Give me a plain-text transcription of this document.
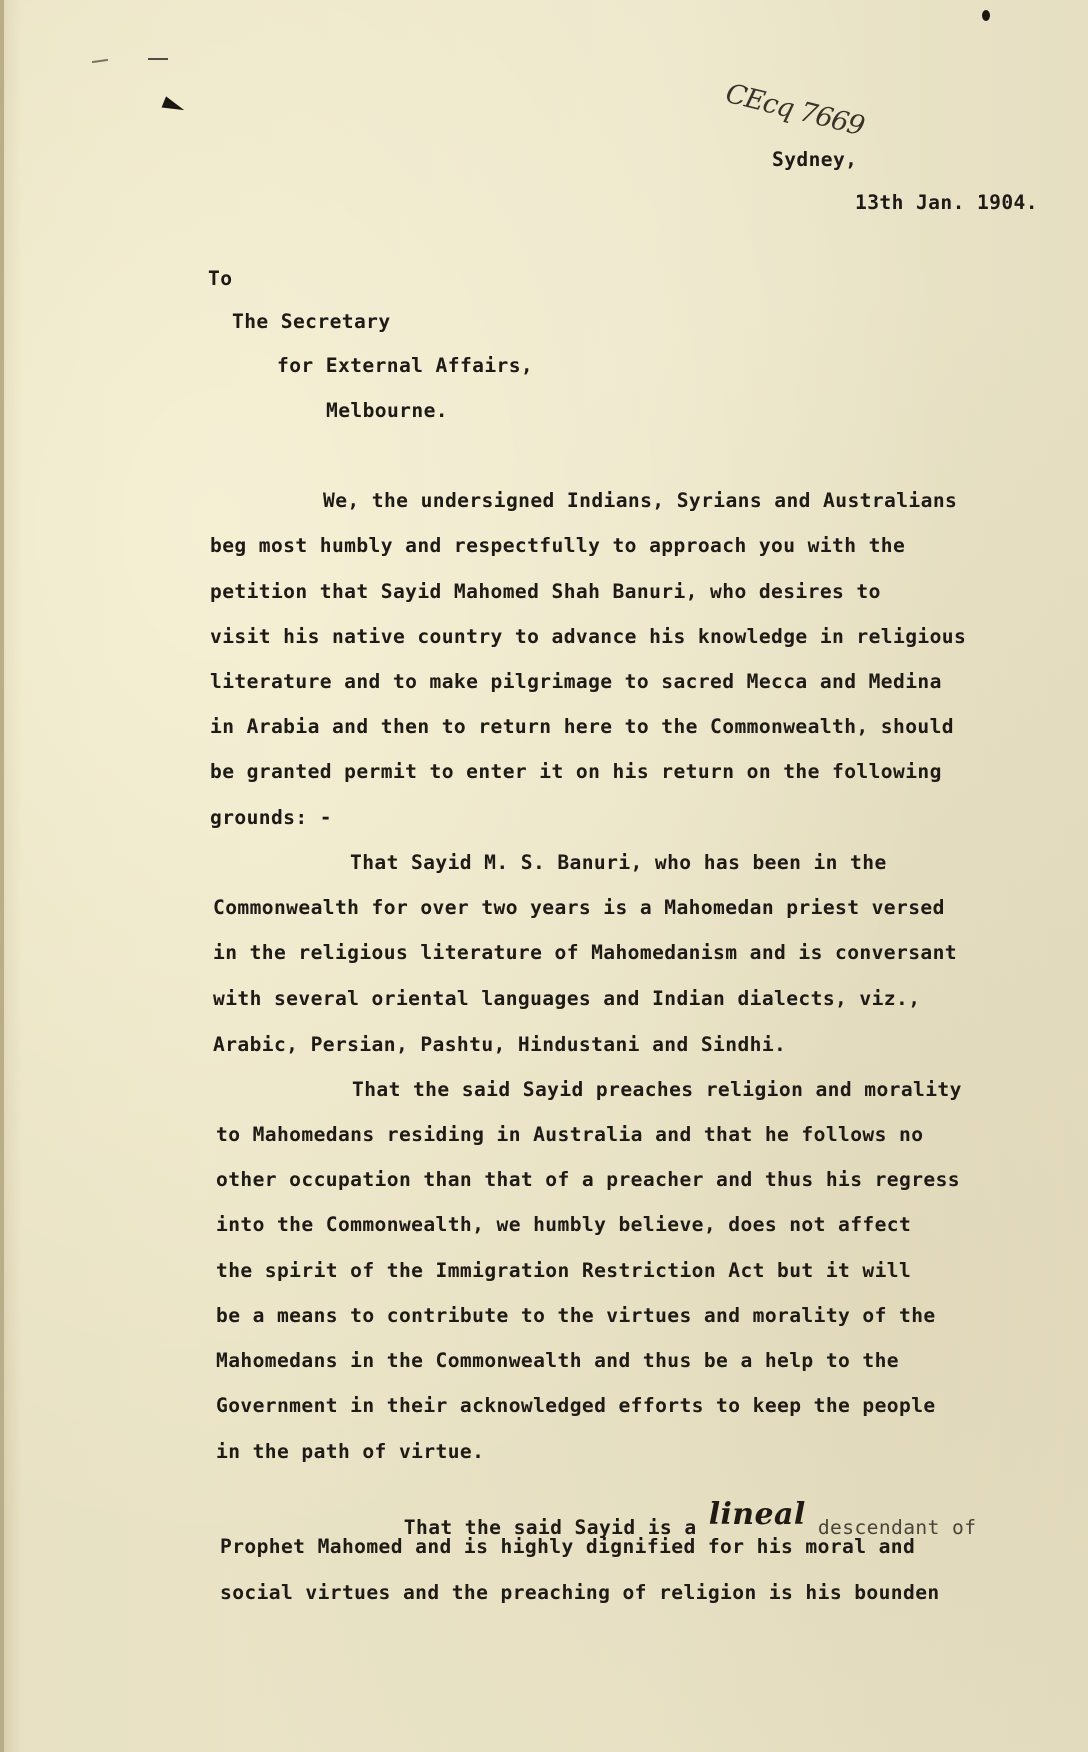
CEcq 7669
Sydney,
13th Jan. 1904.
To
The Secretary
for External Affairs,
Melbourne.
We, the undersigned Indians, Syrians and Australians
beg most humbly and respectfully to approach you with the
petition that Sayid Mahomed Shah Banuri, who desires to
visit his native country to advance his knowledge in religious
literature and to make pilgrimage to sacred Mecca and Medina
in Arabia and then to return here to the Commonwealth, should
be granted permit to enter it on his return on the following
grounds: -
That Sayid M. S. Banuri, who has been in the
Commonwealth for over two years is a Mahomedan priest versed
in the religious literature of Mahomedanism and is conversant
with several oriental languages and Indian dialects, viz.,
Arabic, Persian, Pashtu, Hindustani and Sindhi.
That the said Sayid preaches religion and morality
to Mahomedans residing in Australia and that he follows no
other occupation than that of a preacher and thus his regress
into the Commonwealth, we humbly believe, does not affect
the spirit of the Immigration Restriction Act but it will
be a means to contribute to the virtues and morality of the
Mahomedans in the Commonwealth and thus be a help to the
Government in their acknowledged efforts to keep the people
in the path of virtue.

That the said Sayid is a lineal descendant of

Prophet Mahomed and is highly dignified for his moral and
social virtues and the preaching of religion is his bounden
